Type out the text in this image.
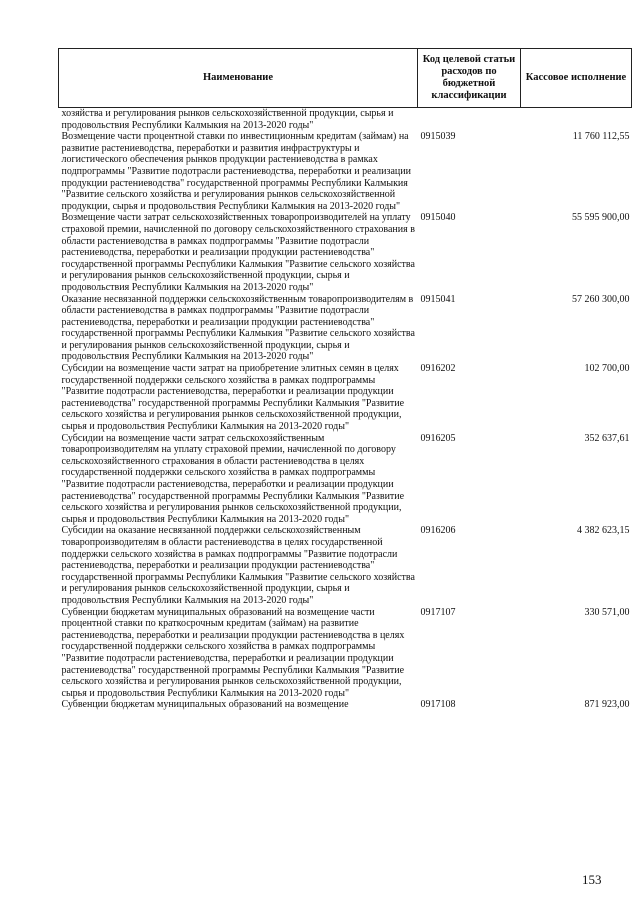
Наименование	Код целевой статьи расходов по бюджетной классификации	Кассовое исполнение
хозяйства и регулирования рынков сельскохозяйственной продукции, сырья и продовольствия Республики Калмыкия на 2013-2020 годы"		
Возмещение части процентной ставки по инвестиционным кредитам (займам) на развитие растениеводства, переработки и развития инфраструктуры и логистического обеспечения рынков продукции растениеводства в рамках подпрограммы "Развитие подотрасли растениеводства, переработки и реализации продукции растениеводства" государственной программы Республики Калмыкия "Развитие сельского хозяйства и регулирования рынков сельскохозяйственной продукции, сырья и продовольствия Республики Калмыкия на 2013-2020 годы"	0915039	11 760 112,55
Возмещение части затрат сельскохозяйственных товаропроизводителей на уплату страховой премии, начисленной по договору сельскохозяйственного страхования в области растениеводства в рамках подпрограммы "Развитие подотрасли растениеводства, переработки и реализации продукции растениеводства" государственной программы Республики Калмыкия "Развитие сельского хозяйства и регулирования рынков сельскохозяйственной продукции, сырья и продовольствия Республики Калмыкия на 2013-2020 годы"	0915040	55 595 900,00
Оказание несвязанной поддержки сельскохозяйственным товаропроизводителям в области растениеводства в рамках подпрограммы "Развитие подотрасли растениеводства, переработки и реализации продукции растениеводства" государственной программы Республики Калмыкия "Развитие сельского хозяйства и регулирования рынков сельскохозяйственной продукции, сырья и продовольствия Республики Калмыкия на 2013-2020 годы"	0915041	57 260 300,00
Субсидии на возмещение части затрат на приобретение элитных семян в целях государственной поддержки сельского хозяйства в рамках подпрограммы "Развитие подотрасли растениеводства, переработки и реализации продукции растениеводства" государственной программы Республики Калмыкия "Развитие сельского хозяйства и регулирования рынков сельскохозяйственной продукции, сырья и продовольствия Республики Калмыкия на 2013-2020 годы"	0916202	102 700,00
Субсидии на возмещение части затрат сельскохозяйственным товаропроизводителям на уплату страховой премии, начисленной по договору сельскохозяйственного страхования в области растениеводства в целях государственной поддержки сельского хозяйства в рамках подпрограммы "Развитие подотрасли растениеводства, переработки и реализации продукции растениеводства" государственной программы Республики Калмыкия "Развитие сельского хозяйства и регулирования рынков сельскохозяйственной продукции, сырья и продовольствия Республики Калмыкия на 2013-2020 годы"	0916205	352 637,61
Субсидии на оказание несвязанной поддержки сельскохозяйственным товаропроизводителям в области растениеводства в целях государственной поддержки сельского хозяйства в рамках подпрограммы "Развитие подотрасли растениеводства, переработки и реализации продукции растениеводства" государственной программы Республики Калмыкия "Развитие сельского хозяйства и регулирования рынков сельскохозяйственной продукции, сырья и продовольствия Республики Калмыкия на 2013-2020 годы"	0916206	4 382 623,15
Субвенции бюджетам муниципальных образований на возмещение части процентной ставки по краткосрочным кредитам (займам) на развитие растениеводства, переработки и реализации продукции растениеводства в целях государственной поддержки сельского хозяйства в рамках подпрограммы "Развитие подотрасли растениеводства, переработки и реализации продукции растениеводства" государственной программы Республики Калмыкия "Развитие сельского хозяйства и регулирования рынков сельскохозяйственной продукции, сырья и продовольствия Республики Калмыкия на 2013-2020 годы"	0917107	330 571,00
Субвенции бюджетам муниципальных образований на возмещение	0917108	871 923,00
153
